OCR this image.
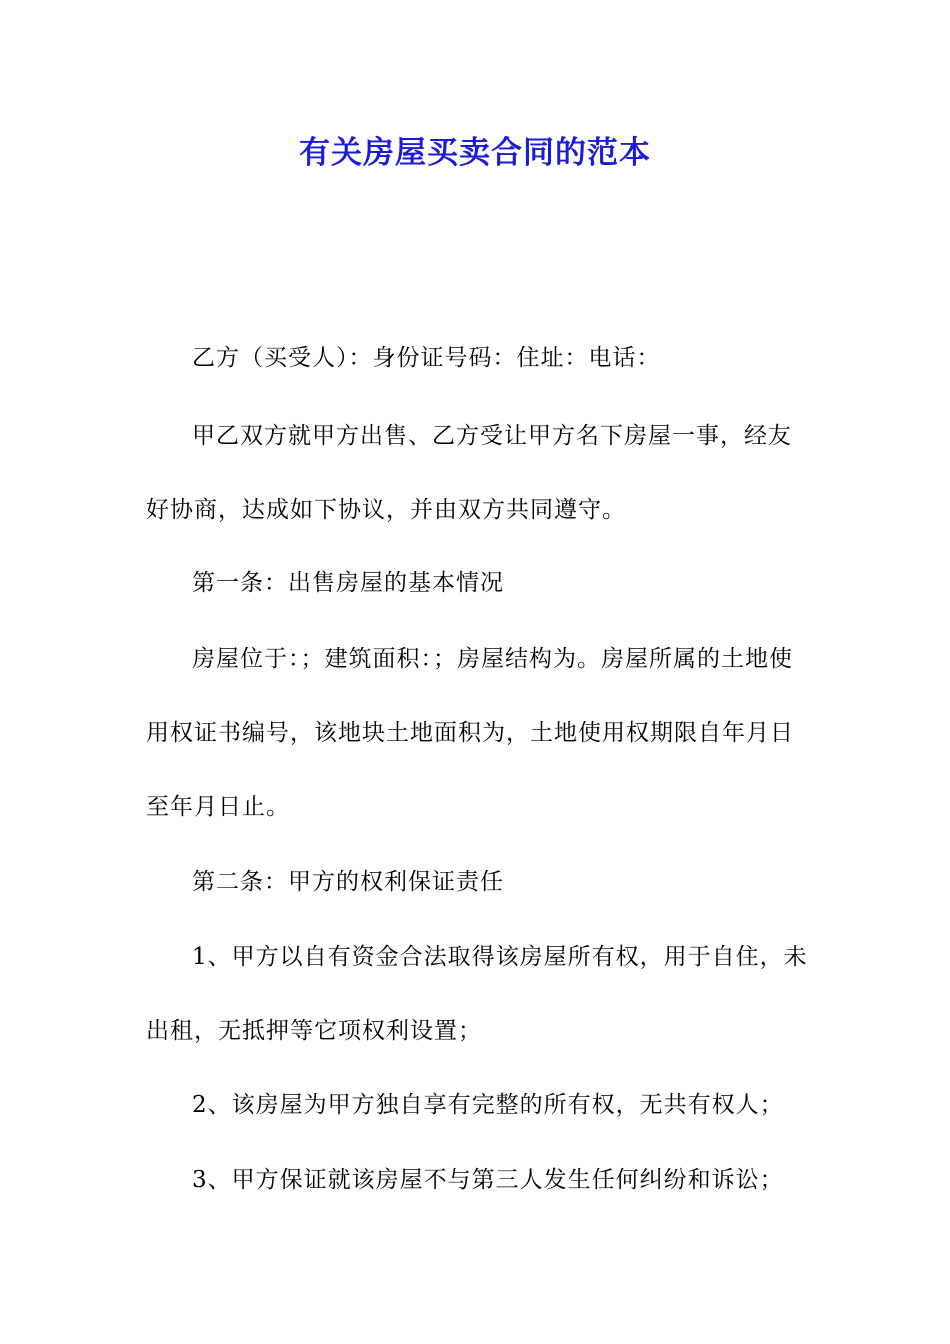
有关房屋买卖合同的范本

乙方（买受人）：身份证号码：住址：电话：

甲乙双方就甲方出售、乙方受让甲方名下房屋一事，经友好协商，达成如下协议，并由双方共同遵守。

第一条：出售房屋的基本情况

房屋位于：；建筑面积：；房屋结构为。房屋所属的土地使用权证书编号，该地块土地面积为，土地使用权期限自年月日至年月日止。

第二条：甲方的权利保证责任

1、甲方以自有资金合法取得该房屋所有权，用于自住，未出租，无抵押等它项权利设置；

2、该房屋为甲方独自享有完整的所有权，无共有权人；

3、甲方保证就该房屋不与第三人发生任何纠纷和诉讼；
